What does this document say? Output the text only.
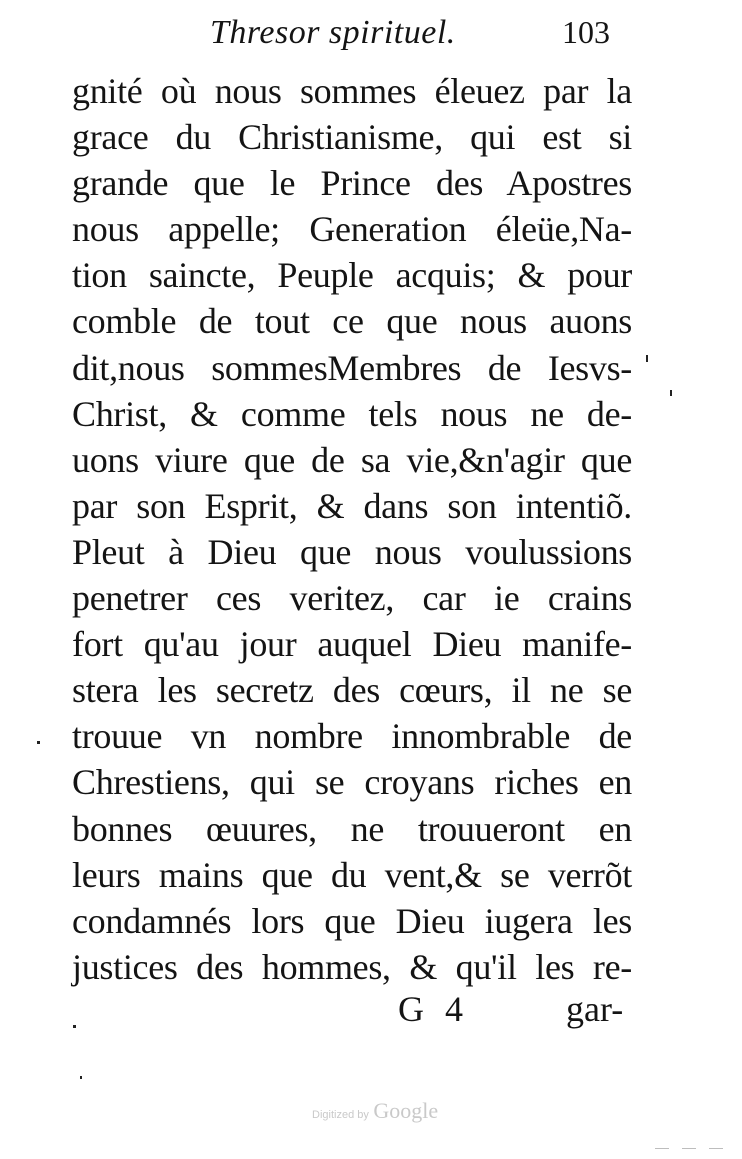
Thresor spirituel.	103
gnité où nous sommes éleuez par la
grace du Christianisme, qui est si
grande que le Prince des Apostres
nous appelle; Generation éleüe,Na-
tion saincte, Peuple acquis; & pour
comble de tout ce que nous auons
dit,nous sommesMembres de Iesvs-
Christ, & comme tels nous ne de-
uons viure que de sa vie,&n'agir que
par son Esprit, & dans son intentiõ.
Pleut à Dieu que nous voulussions
penetrer ces veritez, car ie crains
fort qu'au jour auquel Dieu manife-
stera les secretz des cœurs, il ne se
trouue vn nombre innombrable de
Chrestiens, qui se croyans riches en
bonnes œuures, ne trouueront en
leurs mains que du vent,& se verrõt
condamnés lors que Dieu iugera les
justices des hommes, & qu'il les re-
G 4	gar-
Digitized by Google
